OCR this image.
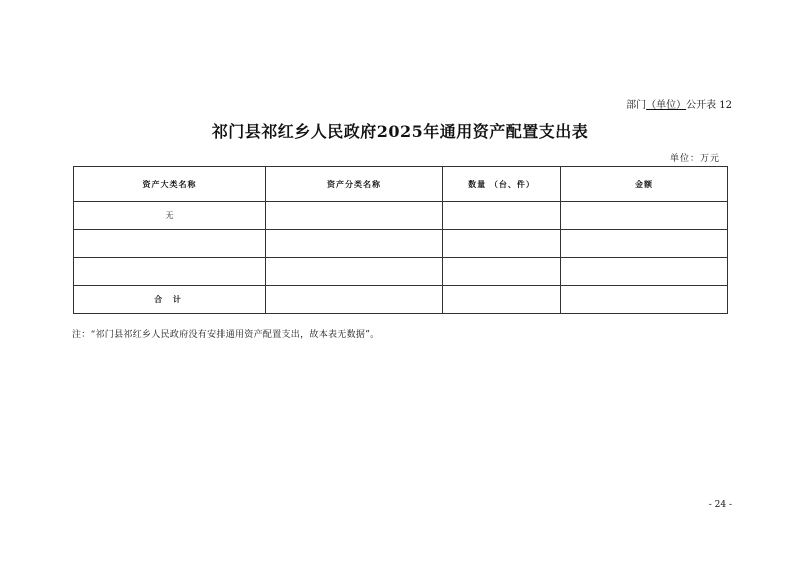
部门（单位）公开表 12
祁门县祁红乡人民政府2025年通用资产配置支出表
单位：万元
资产大类名称	资产分类名称	数量 （台、件）	金额
无			

合 计			
注：“祁门县祁红乡人民政府没有安排通用资产配置支出，故本表无数据”。
- 24 -
